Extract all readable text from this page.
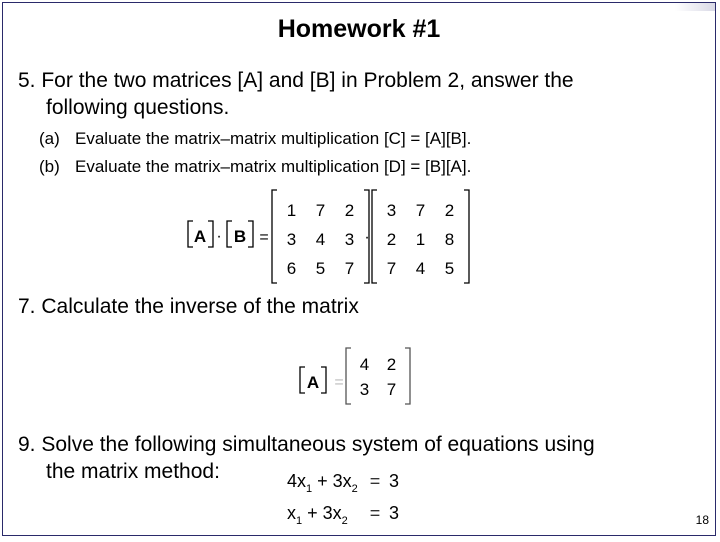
Homework #1
5. For the two matrices [A] and [B] in Problem 2, answer the
following questions.
(a) Evaluate the matrix–matrix multiplication [C] = [A][B].
(b) Evaluate the matrix–matrix multiplication [D] = [B][A].
A · B =	·
1 7 2
3 4 3
6 5 7
3 7 2
2 1 8
7 4 5
A =
4 2
3 7
$4x_1 + 3x_2 = 3$
$x_1 + 3x_2 = 3$
7. Calculate the inverse of the matrix
9. Solve the following simultaneous system of equations using
the matrix method:
18
